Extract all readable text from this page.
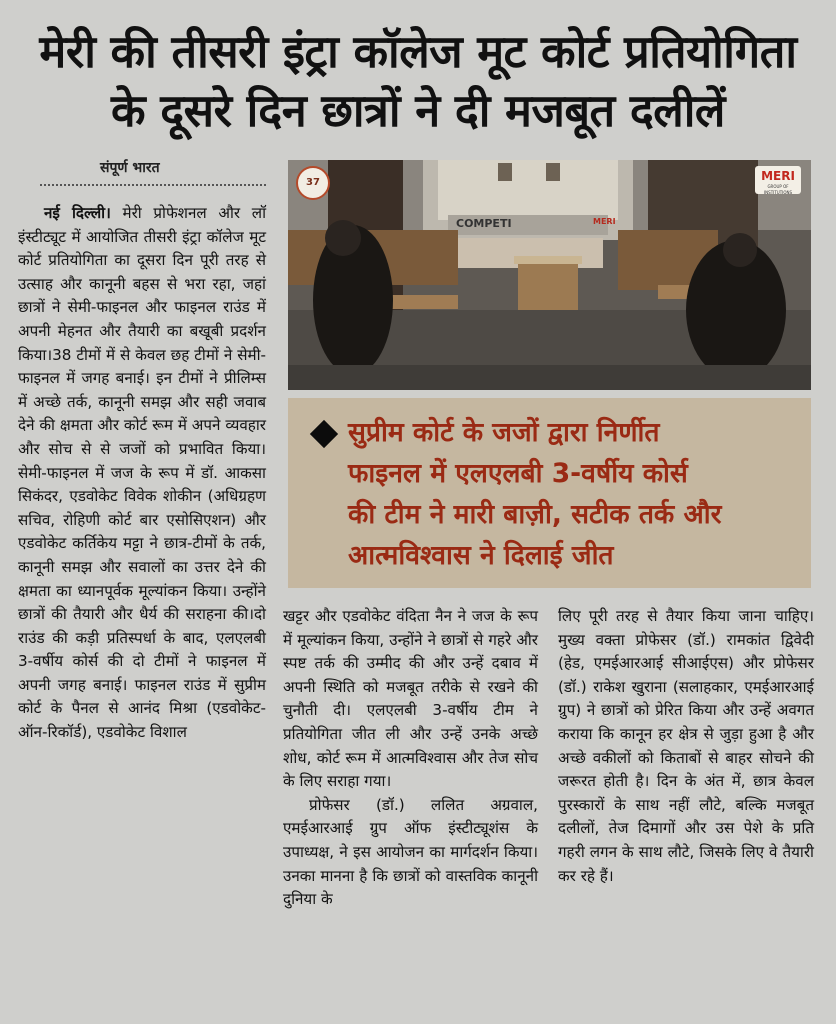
मेरी की तीसरी इंट्रा कॉलेज मूट कोर्ट प्रतियोगिता
के दूसरे दिन छात्रों ने दी मजबूत दलीलें
संपूर्ण भारत

नई दिल्ली। मेरी प्रोफेशनल और लॉ इंस्टीट्यूट में आयोजित तीसरी इंट्रा कॉलेज मूट कोर्ट प्रतियोगिता का दूसरा दिन पूरी तरह से उत्साह और कानूनी बहस से भरा रहा, जहां छात्रों ने सेमी-फाइनल और फाइनल राउंड में अपनी मेहनत और तैयारी का बखूबी प्रदर्शन किया।38 टीमों में से केवल छह टीमों ने सेमी-फाइनल में जगह बनाई। इन टीमों ने प्रीलिम्स में अच्छे तर्क, कानूनी समझ और सही जवाब देने की क्षमता और कोर्ट रूम में अपने व्यवहार और सोच से से जजों को प्रभावित किया। सेमी-फाइनल में जज के रूप में डॉ. आकसा सिकंदर, एडवोकेट विवेक शोकीन (अधिग्रहण सचिव, रोहिणी कोर्ट बार एसोसिएशन) और एडवोकेट कर्तिकेय मट्टा ने छात्र-टीमों के तर्क, कानूनी समझ और सवालों का उत्तर देने की क्षमता का ध्यानपूर्वक मूल्यांकन किया। उन्होंने छात्रों की तैयारी और धैर्य की सराहना की।दो राउंड की कड़ी प्रतिस्पर्धा के बाद, एलएलबी 3-वर्षीय कोर्स की दो टीमों ने फाइनल में अपनी जगह बनाई। फाइनल राउंड में सुप्रीम कोर्ट के पैनल से आनंद मिश्रा (एडवोकेट-ऑन-रिकॉर्ड), एडवोकेट विशाल

37
COMPETI	MERI
MERI
GROUP OF INSTITUTIONS
सुप्रीम कोर्ट के जजों द्वारा निर्णीत
फाइनल में एलएलबी 3-वर्षीय कोर्स
की टीम ने मारी बाज़ी, सटीक तर्क और
आत्मविश्वास ने दिलाई जीत

खट्टर और एडवोकेट वंदिता नैन ने जज के रूप में मूल्यांकन किया, उन्होंने ने छात्रों से गहरे और स्पष्ट तर्क की उम्मीद की और उन्हें दबाव में अपनी स्थिति को मजबूत तरीके से रखने की चुनौती दी। एलएलबी 3-वर्षीय टीम ने प्रतियोगिता जीत ली और उन्हें उनके अच्छे शोध, कोर्ट रूम में आत्मविश्वास और तेज सोच के लिए सराहा गया।

प्रोफेसर (डॉ.) ललित अग्रवाल, एमईआरआई ग्रुप ऑफ इंस्टीट्यूशंस के उपाध्यक्ष, ने इस आयोजन का मार्गदर्शन किया। उनका मानना है कि छात्रों को वास्तविक कानूनी दुनिया के

लिए पूरी तरह से तैयार किया जाना चाहिए। मुख्य वक्ता प्रोफेसर (डॉ.) रामकांत द्विवेदी (हेड, एमईआरआई सीआईएस) और प्रोफेसर (डॉ.) राकेश खुराना (सलाहकार, एमईआरआई ग्रुप) ने छात्रों को प्रेरित किया और उन्हें अवगत कराया कि कानून हर क्षेत्र से जुड़ा हुआ है और अच्छे वकीलों को किताबों से बाहर सोचने की जरूरत होती है। दिन के अंत में, छात्र केवल पुरस्कारों के साथ नहीं लौटे, बल्कि मजबूत दलीलों, तेज दिमागों और उस पेशे के प्रति गहरी लगन के साथ लौटे, जिसके लिए वे तैयारी कर रहे हैं।
